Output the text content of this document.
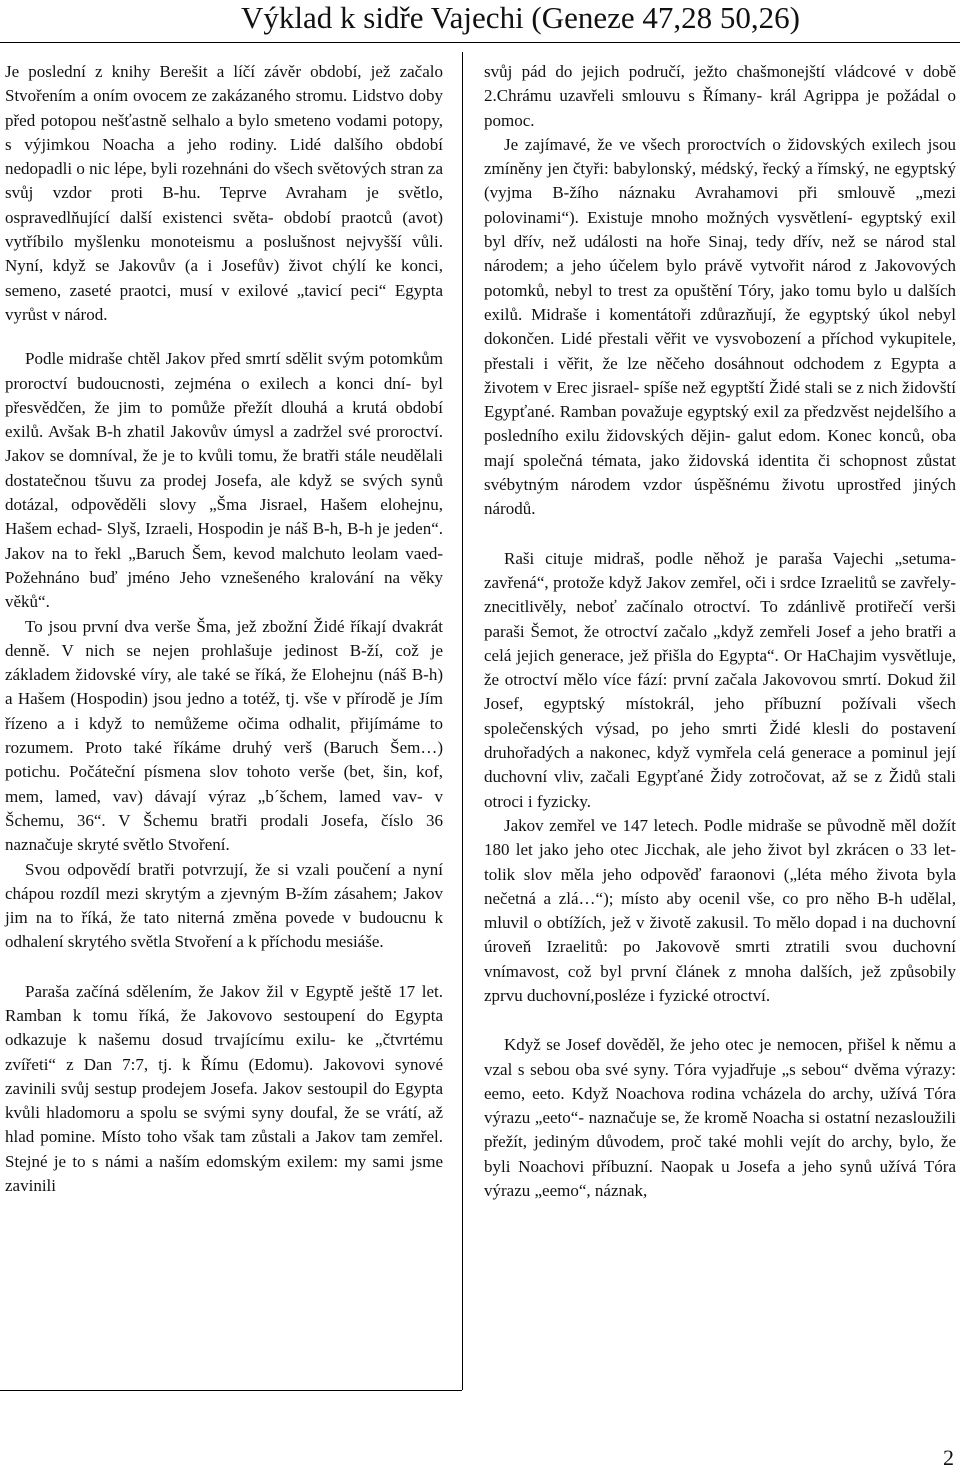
Výklad k sidře Vajechi (Geneze 47,28 50,26)

Je poslední z knihy Berešit a líčí závěr období, jež začalo Stvořením a oním ovocem ze zakázaného stromu. Lidstvo doby před potopou nešťastně selhalo a bylo smeteno vodami potopy, s výjimkou Noacha a jeho rodiny. Lidé dalšího období nedopadli o nic lépe, byli rozehnáni do všech světových stran za svůj vzdor proti B-hu. Teprve Avraham je světlo, ospravedlňující další existenci světa- období praotců (avot) vytříbilo myšlenku monoteismu a poslušnost nejvyšší vůli. Nyní, když se Jakovův (a i Josefův) život chýlí ke konci, semeno, zaseté praotci, musí v exilové „tavicí peci“ Egypta vyrůst v národ.

Podle midraše chtěl Jakov před smrtí sdělit svým potomkům proroctví budoucnosti, zejména o exilech a konci dní- byl přesvědčen, že jim to pomůže přežít dlouhá a krutá období exilů. Avšak B-h zhatil Jakovův úmysl a zadržel své proroctví. Jakov se domníval, že je to kvůli tomu, že bratři stále neudělali dostatečnou tšuvu za prodej Josefa, ale když se svých synů dotázal, odpověděli slovy „Šma Jisrael, Hašem elohejnu, Hašem echad- Slyš, Izraeli, Hospodin je náš B-h, B-h je jeden“. Jakov na to řekl „Baruch Šem, kevod malchuto leolam vaed- Požehnáno buď jméno Jeho vznešeného kralování na věky věků“.

To jsou první dva verše Šma, jež zbožní Židé říkají dvakrát denně. V nich se nejen prohlašuje jedinost B-ží, což je základem židovské víry, ale také se říká, že Elohejnu (náš B-h) a Hašem (Hospodin) jsou jedno a totéž, tj. vše v přírodě je Jím řízeno a i když to nemůžeme očima odhalit, přijímáme to rozumem. Proto také říkáme druhý verš (Baruch Šem…) potichu. Počáteční písmena slov tohoto verše (bet, šin, kof, mem, lamed, vav) dávají výraz „b´šchem, lamed vav- v Šchemu, 36“. V Šchemu bratři prodali Josefa, číslo 36 naznačuje skryté světlo Stvoření.

Svou odpovědí bratři potvrzují, že si vzali poučení a nyní chápou rozdíl mezi skrytým a zjevným B-žím zásahem; Jakov jim na to říká, že tato niterná změna povede v budoucnu k odhalení skrytého světla Stvoření a k příchodu mesiáše.

Paraša začíná sdělením, že Jakov žil v Egyptě ještě 17 let. Ramban k tomu říká, že Jakovovo sestoupení do Egypta odkazuje k našemu dosud trvajícímu exilu- ke „čtvrtému zvířeti“ z Dan 7:7, tj. k Římu (Edomu). Jakovovi synové zavinili svůj sestup prodejem Josefa. Jakov sestoupil do Egypta kvůli hladomoru a spolu se svými syny doufal, že se vrátí, až hlad pomine. Místo toho však tam zůstali a Jakov tam zemřel. Stejné je to s námi a naším edomským exilem: my sami jsme zavinili

svůj pád do jejich područí, ježto chašmonejští vládcové v době 2.Chrámu uzavřeli smlouvu s Římany- král Agrippa je požádal o pomoc.

Je zajímavé, že ve všech proroctvích o židovských exilech jsou zmíněny jen čtyři: babylonský, médský, řecký a římský, ne egyptský (vyjma B-žího náznaku Avrahamovi při smlouvě „mezi polovinami“). Existuje mnoho možných vysvětlení- egyptský exil byl dřív, než události na hoře Sinaj, tedy dřív, než se národ stal národem; a jeho účelem bylo právě vytvořit národ z Jakovových potomků, nebyl to trest za opuštění Tóry, jako tomu bylo u dalších exilů. Midraše i komentátoři zdůrazňují, že egyptský úkol nebyl dokončen. Lidé přestali věřit ve vysvobození a příchod vykupitele, přestali i věřit, že lze něčeho dosáhnout odchodem z Egypta a životem v Erec jisrael- spíše než egyptští Židé stali se z nich židovští Egypťané. Ramban považuje egyptský exil za předzvěst nejdelšího a posledního exilu židovských dějin- galut edom. Konec konců, oba mají společná témata, jako židovská identita či schopnost zůstat svébytným národem vzdor úspěšnému životu uprostřed jiných národů.

Raši cituje midraš, podle něhož je paraša Vajechi „setuma- zavřená“, protože když Jakov zemřel, oči i srdce Izraelitů se zavřely- znecitlivěly, neboť začínalo otroctví. To zdánlivě protiřečí verši paraši Šemot, že otroctví začalo „když zemřeli Josef a jeho bratři a celá jejich generace, jež přišla do Egypta“. Or HaChajim vysvětluje, že otroctví mělo více fází: první začala Jakovovou smrtí. Dokud žil Josef, egyptský místokrál, jeho příbuzní požívali všech společenských výsad, po jeho smrti Židé klesli do postavení druhořadých a nakonec, když vymřela celá generace a pominul její duchovní vliv, začali Egypťané Židy zotročovat, až se z Židů stali otroci i fyzicky.

Jakov zemřel ve 147 letech. Podle midraše se původně měl dožít 180 let jako jeho otec Jicchak, ale jeho život byl zkrácen o 33 let- tolik slov měla jeho odpověď faraonovi („léta mého života byla nečetná a zlá…“); místo aby ocenil vše, co pro něho B-h udělal, mluvil o obtížích, jež v životě zakusil. To mělo dopad i na duchovní úroveň Izraelitů: po Jakovově smrti ztratili svou duchovní vnímavost, což byl první článek z mnoha dalších, jež způsobily zprvu duchovní,posléze i fyzické otroctví.

Když se Josef dověděl, že jeho otec je nemocen, přišel k němu a vzal s sebou oba své syny. Tóra vyjadřuje „s sebou“ dvěma výrazy: eemo, eeto. Když Noachova rodina vcházela do archy, užívá Tóra výrazu „eeto“- naznačuje se, že kromě Noacha si ostatní nezasloužili přežít, jediným důvodem, proč také mohli vejít do archy, bylo, že byli Noachovi příbuzní. Naopak u Josefa a jeho synů užívá Tóra výrazu „eemo“, náznak,

2
